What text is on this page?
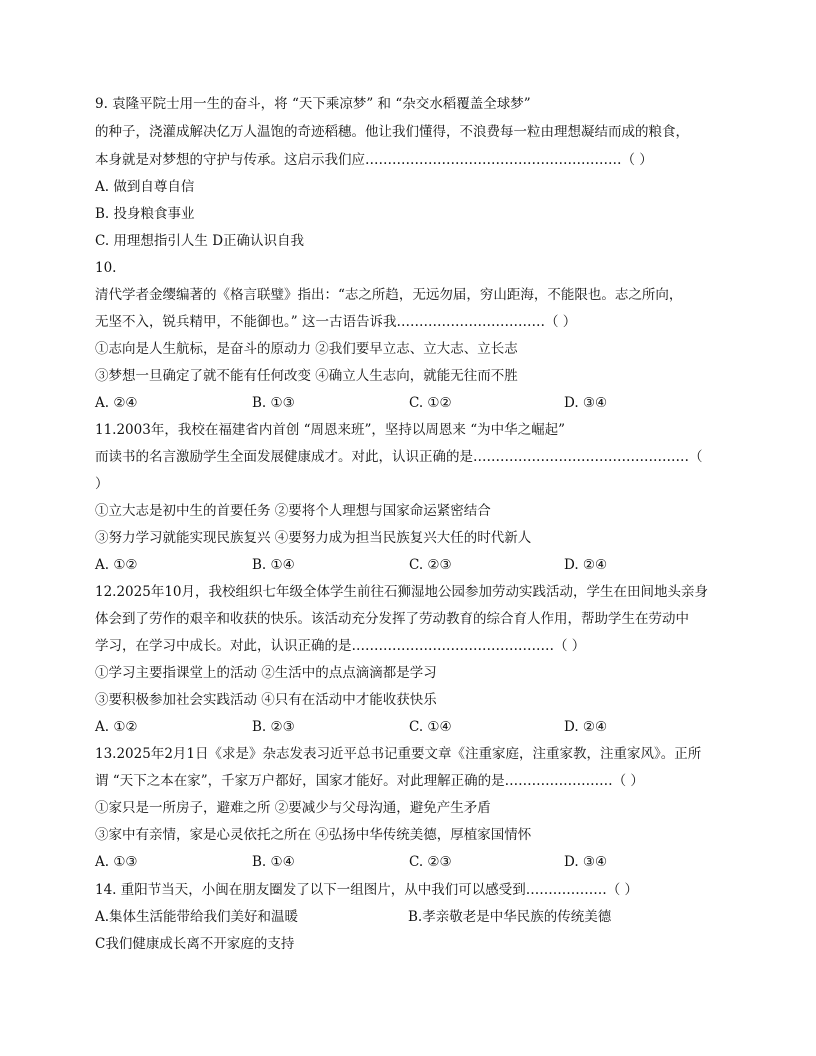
9. 袁隆平院士用一生的奋斗，将 “天下乘凉梦” 和 “杂交水稻覆盖全球梦”
的种子，浇灌成解决亿万人温饱的奇迹稻穗。他让我们懂得，不浪费每一粒由理想凝结而成的粮食，
本身就是对梦想的守护与传承。这启示我们应…………………………………………………（ ）
A. 做到自尊自信
B. 投身粮食事业
C. 用理想指引人生 D正确认识自我
10.
清代学者金缨编著的《格言联璧》指出：“志之所趋，无远勿届，穷山距海，不能限也。志之所向，
无坚不入，锐兵精甲，不能御也。” 这一古语告诉我……………………………（ ）
①志向是人生航标，是奋斗的原动力 ②我们要早立志、立大志、立长志
③梦想一旦确定了就不能有任何改变 ④确立人生志向，就能无往而不胜
A. ②④	B. ①③	C. ①②	D. ③④
11.2003年，我校在福建省内首创 “周恩来班”，坚持以周恩来 “为中华之崛起”
而读书的名言激励学生全面发展健康成才。对此，认识正确的是…………………………………………（
）
①立大志是初中生的首要任务 ②要将个人理想与国家命运紧密结合
③努力学习就能实现民族复兴 ④要努力成为担当民族复兴大任的时代新人
A. ①②	B. ①④	C. ②③	D. ②④
12.2025年10月，我校组织七年级全体学生前往石狮湿地公园参加劳动实践活动，学生在田间地头亲身
体会到了劳作的艰辛和收获的快乐。该活动充分发挥了劳动教育的综合育人作用，帮助学生在劳动中
学习，在学习中成长。对此，认识正确的是………………………………………（ ）
①学习主要指课堂上的活动 ②生活中的点点滴滴都是学习
③要积极参加社会实践活动 ④只有在活动中才能收获快乐
A. ①②	B. ②③	C. ①④	D. ②④
13.2025年2月1日《求是》杂志发表习近平总书记重要文章《注重家庭，注重家教，注重家风》。正所
谓 “天下之本在家”，千家万户都好，国家才能好。对此理解正确的是……………………（ ）
①家只是一所房子，避难之所 ②要减少与父母沟通，避免产生矛盾
③家中有亲情，家是心灵依托之所在 ④弘扬中华传统美德，厚植家国情怀
A. ①③	B. ①④	C. ②③	D. ③④
14. 重阳节当天，小闽在朋友圈发了以下一组图片，从中我们可以感受到………………（ ）
A.集体生活能带给我们美好和温暖	B.孝亲敬老是中华民族的传统美德
C我们健康成长离不开家庭的支持
